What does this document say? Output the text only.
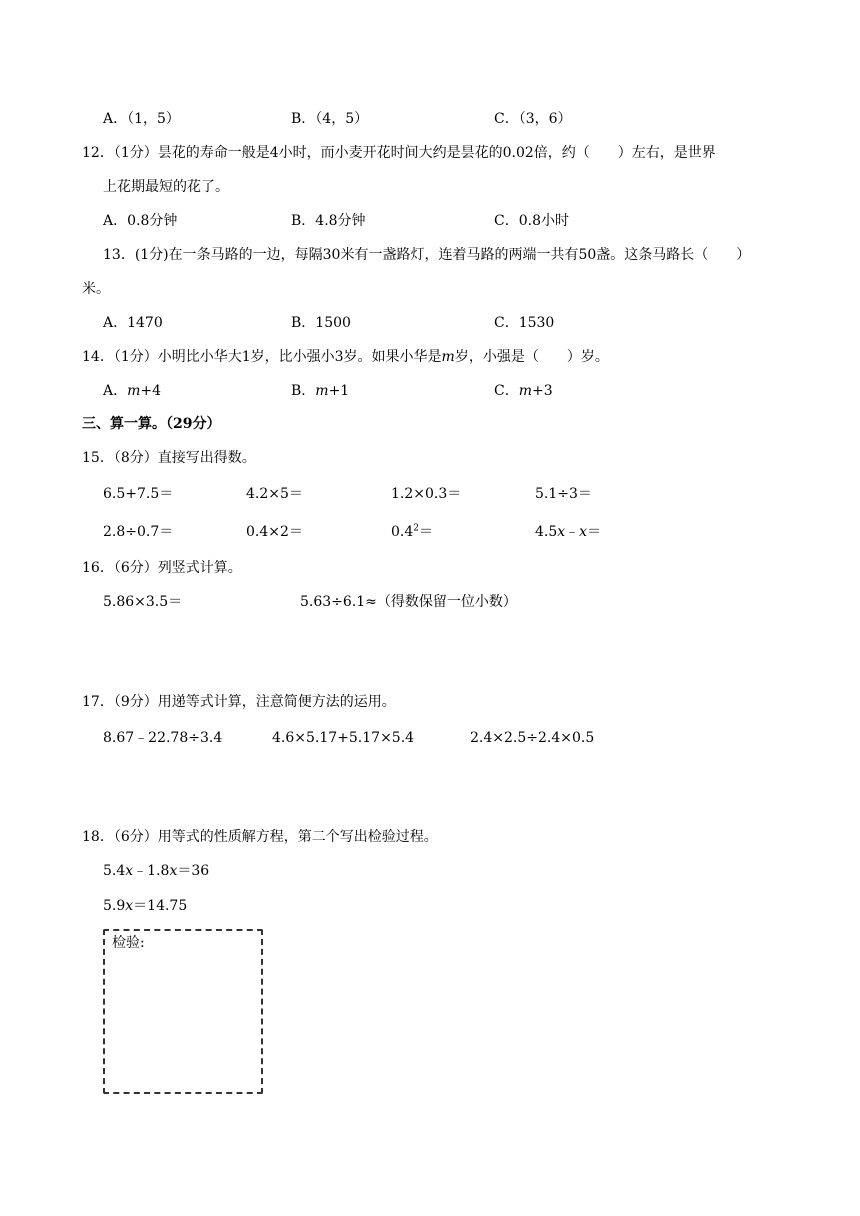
A．（1，5）	B．（4，5）	C．（3，6）
12．（1分）昙花的寿命一般是4小时，而小麦开花时间大约是昙花的0.02倍，约（　　）左右，是世界
上花期最短的花了。
A．0.8分钟	B．4.8分钟	C．0.8小时
13．(1分)在一条马路的一边，每隔30米有一盏路灯，连着马路的两端一共有50盏。这条马路长（　　）
米。
A．1470	B．1500	C．1530
14．（1分）小明比小华大1岁，比小强小3岁。如果小华是m岁，小强是（　　）岁。
A．m+4	B．m+1	C．m+3
三、算一算。（29分）
15．（8分）直接写出得数。
6.5+7.5＝	4.2×5＝	1.2×0.3＝	5.1÷3＝
2.8÷0.7＝	0.4×2＝	$0.4^2=$	4.5x﹣x＝
16．（6分）列竖式计算。
5.86×3.5＝	5.63÷6.1≈（得数保留一位小数）
17．（9分）用递等式计算，注意简便方法的运用。
8.67﹣22.78÷3.4	4.6×5.17+5.17×5.4	2.4×2.5÷2.4×0.5
18．（6分）用等式的性质解方程，第二个写出检验过程。
5.4x﹣1.8x＝36
5.9x＝14.75
检验:
